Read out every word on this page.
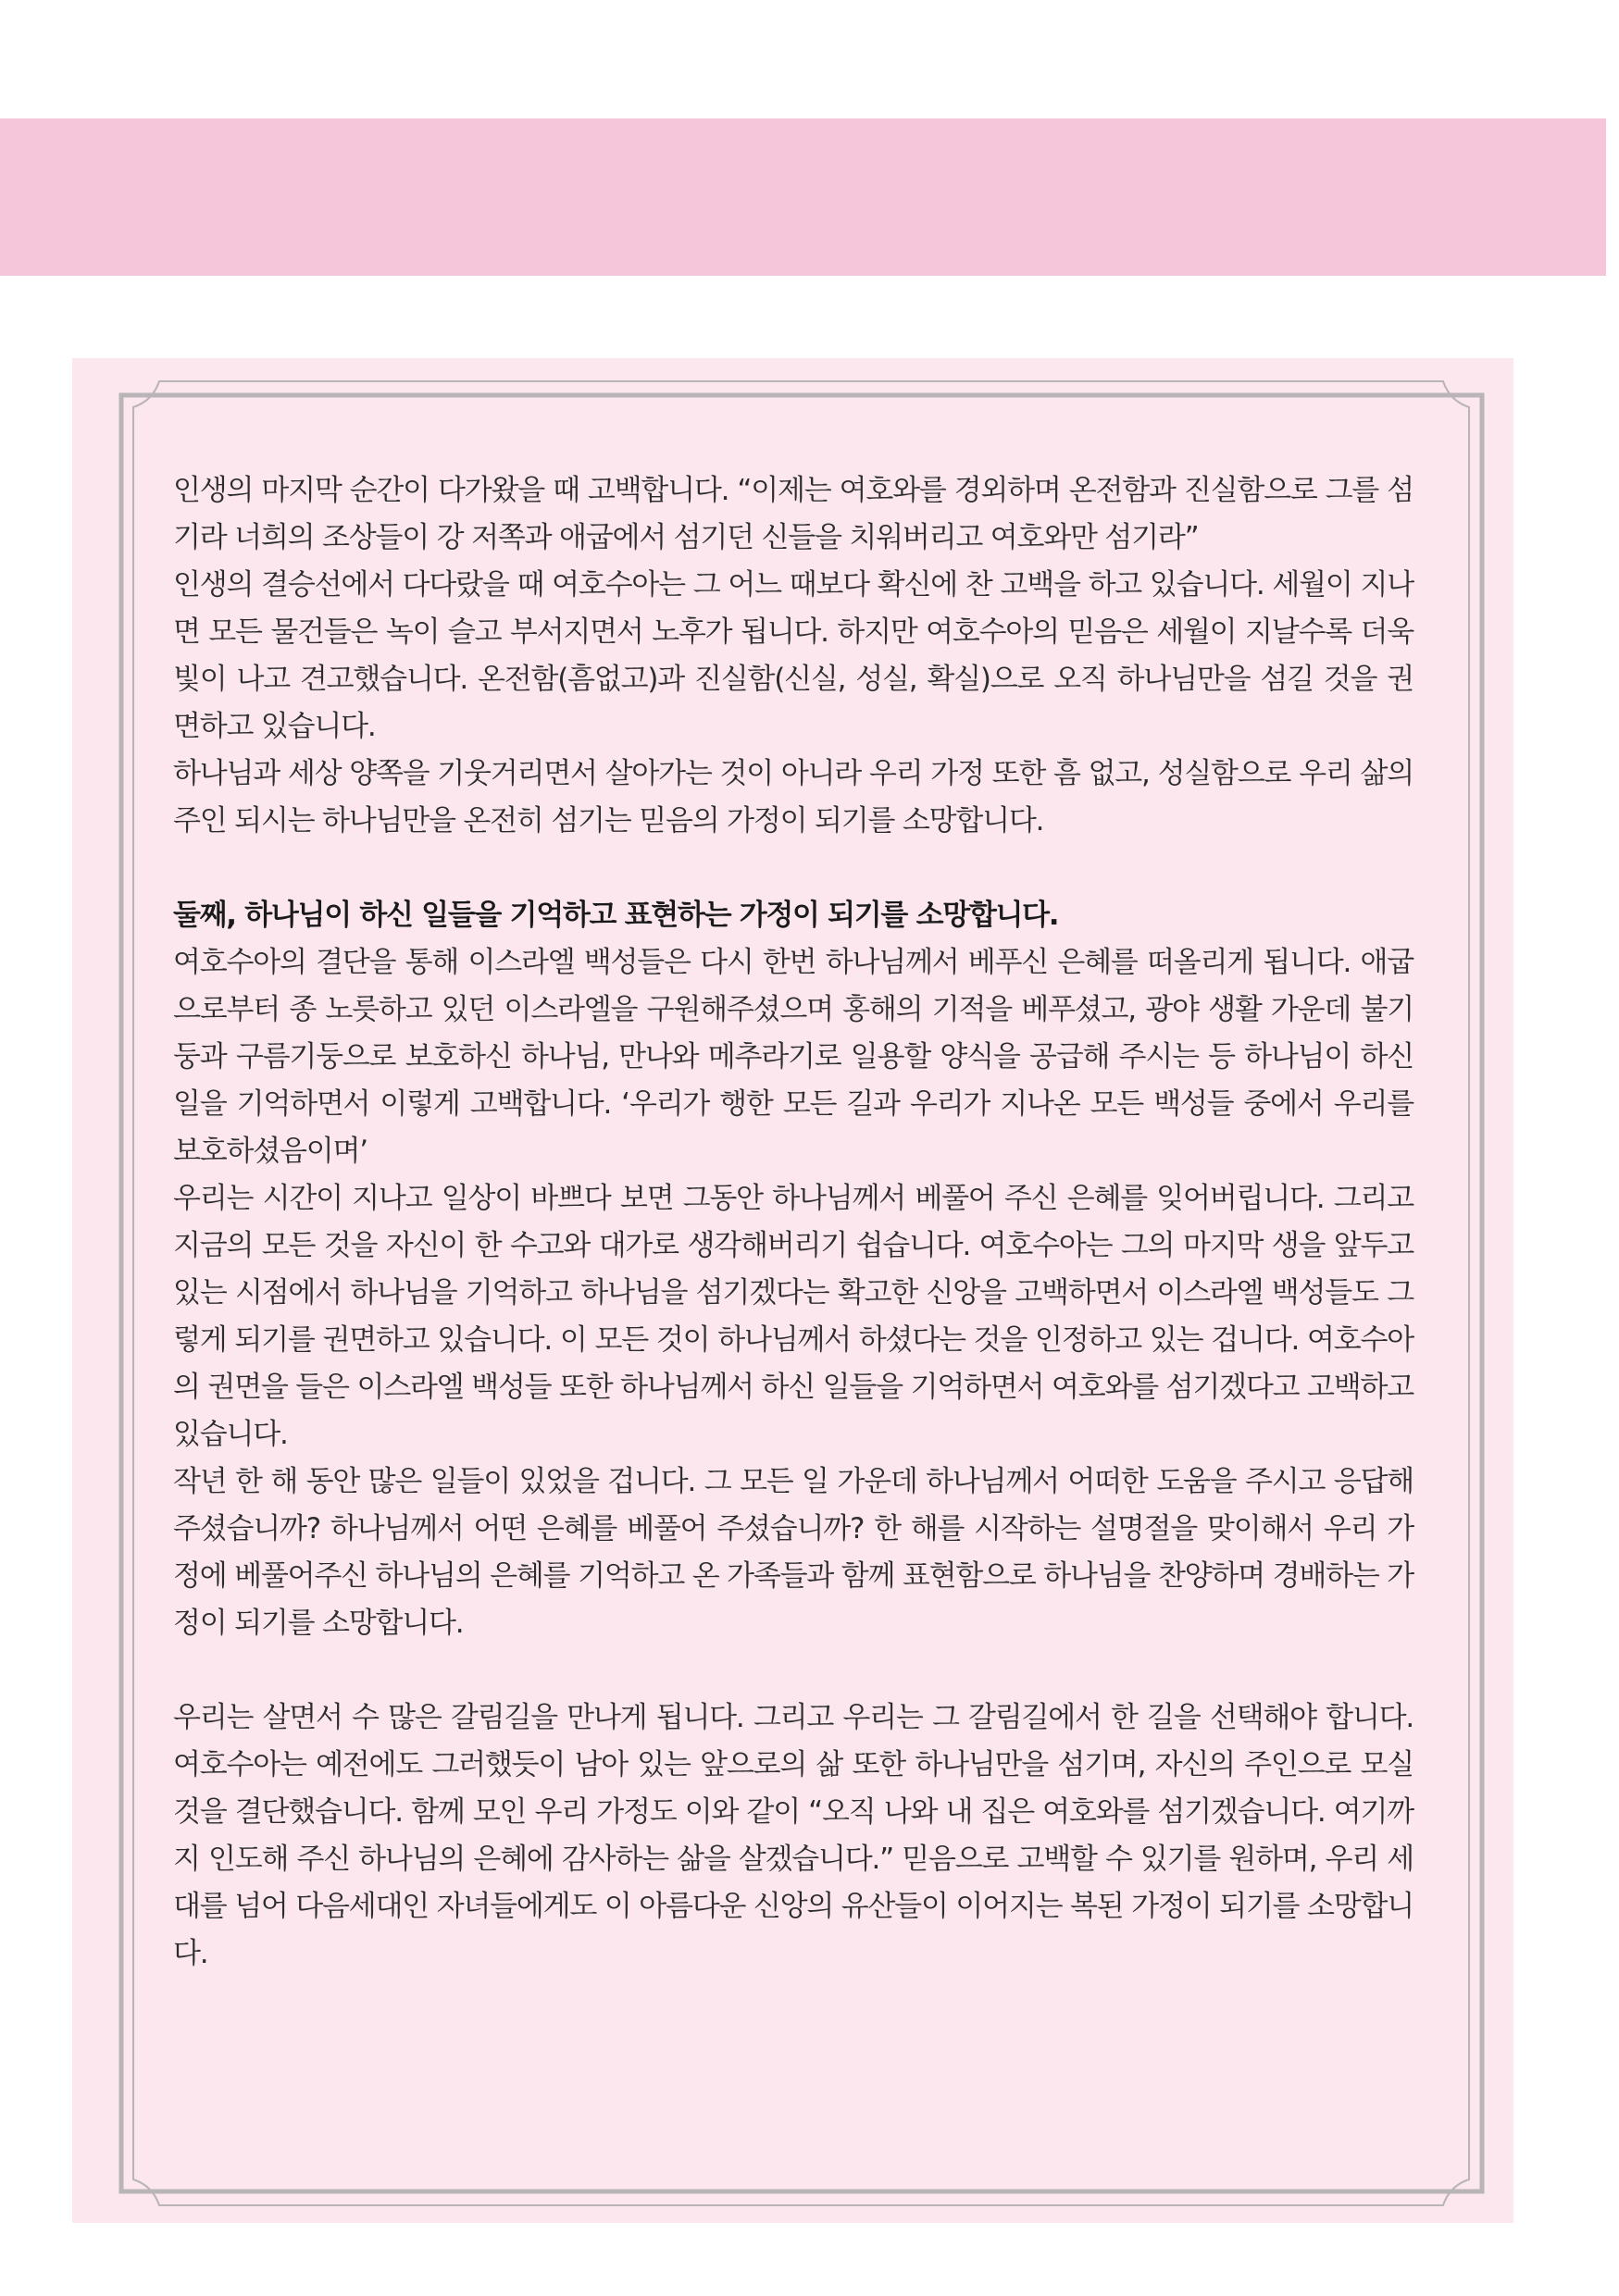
5

인생의 마지막 순간이 다가왔을 때 고백합니다. “이제는 여호와를 경외하며 온전함과 진실함으로 그를 섬기라 너희의 조상들이 강 저쪽과 애굽에서 섬기던 신들을 치워버리고 여호와만 섬기라”

인생의 결승선에서 다다랐을 때 여호수아는 그 어느 때보다 확신에 찬 고백을 하고 있습니다. 세월이 지나면 모든 물건들은 녹이 슬고 부서지면서 노후가 됩니다. 하지만 여호수아의 믿음은 세월이 지날수록 더욱 빛이 나고 견고했습니다. 온전함(흠없고)과 진실함(신실, 성실, 확실)으로 오직 하나님만을 섬길 것을 권면하고 있습니다.

하나님과 세상 양쪽을 기웃거리면서 살아가는 것이 아니라 우리 가정 또한 흠 없고, 성실함으로 우리 삶의 주인 되시는 하나님만을 온전히 섬기는 믿음의 가정이 되기를 소망합니다.

둘째, 하나님이 하신 일들을 기억하고 표현하는 가정이 되기를 소망합니다.

여호수아의 결단을 통해 이스라엘 백성들은 다시 한번 하나님께서 베푸신 은혜를 떠올리게 됩니다. 애굽으로부터 종 노릇하고 있던 이스라엘을 구원해주셨으며 홍해의 기적을 베푸셨고, 광야 생활 가운데 불기둥과 구름기둥으로 보호하신 하나님, 만나와 메추라기로 일용할 양식을 공급해 주시는 등 하나님이 하신 일을 기억하면서 이렇게 고백합니다. ‘우리가 행한 모든 길과 우리가 지나온 모든 백성들 중에서 우리를 보호하셨음이며’

우리는 시간이 지나고 일상이 바쁘다 보면 그동안 하나님께서 베풀어 주신 은혜를 잊어버립니다. 그리고 지금의 모든 것을 자신이 한 수고와 대가로 생각해버리기 쉽습니다. 여호수아는 그의 마지막 생을 앞두고 있는 시점에서 하나님을 기억하고 하나님을 섬기겠다는 확고한 신앙을 고백하면서 이스라엘 백성들도 그렇게 되기를 권면하고 있습니다. 이 모든 것이 하나님께서 하셨다는 것을 인정하고 있는 겁니다. 여호수아의 권면을 들은 이스라엘 백성들 또한 하나님께서 하신 일들을 기억하면서 여호와를 섬기겠다고 고백하고 있습니다.

작년 한 해 동안 많은 일들이 있었을 겁니다. 그 모든 일 가운데 하나님께서 어떠한 도움을 주시고 응답해 주셨습니까? 하나님께서 어떤 은혜를 베풀어 주셨습니까? 한 해를 시작하는 설명절을 맞이해서 우리 가정에 베풀어주신 하나님의 은혜를 기억하고 온 가족들과 함께 표현함으로 하나님을 찬양하며 경배하는 가정이 되기를 소망합니다.

우리는 살면서 수 많은 갈림길을 만나게 됩니다. 그리고 우리는 그 갈림길에서 한 길을 선택해야 합니다. 여호수아는 예전에도 그러했듯이 남아 있는 앞으로의 삶 또한 하나님만을 섬기며, 자신의 주인으로 모실 것을 결단했습니다. 함께 모인 우리 가정도 이와 같이 “오직 나와 내 집은 여호와를 섬기겠습니다. 여기까지 인도해 주신 하나님의 은혜에 감사하는 삶을 살겠습니다.” 믿음으로 고백할 수 있기를 원하며, 우리 세대를 넘어 다음세대인 자녀들에게도 이 아름다운 신앙의 유산들이 이어지는 복된 가정이 되기를 소망합니다.
